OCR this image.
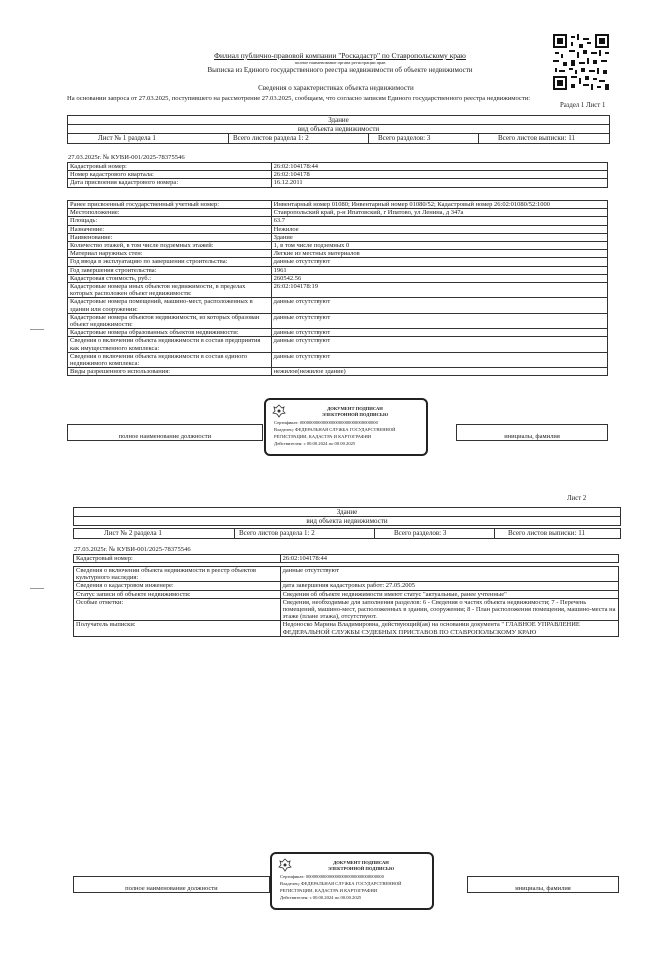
Филиал публично-правовой компании "Роскадастр" по Ставропольскому краю
полное наименование органа регистрации прав
Выписка из Единого государственного реестра недвижимости об объекте недвижимости
Сведения о характеристиках объекта недвижимости
На основании запроса от 27.03.2025, поступившего на рассмотрение 27.03.2025, сообщаем, что согласно записям Единого государственного реестра недвижимости:
Раздел 1 Лист 1
Здание
вид объекта недвижимости
Лист № 1 раздела 1	Всего листов раздела 1: 2	Всего разделов: 3	Всего листов выписки: 11
27.03.2025г. № КУВИ-001/2025-78375546
Кадастровый номер:	26:02:104178:44
Номер кадастрового квартала:	26:02:104178
Дата присвоения кадастрового номера:	16.12.2011
Ранее присвоенный государственный учетный номер:	Инвентарный номер 01080; Инвентарный номер 01080/52; Кадастровый номер 26:02:01080/52:1000
Местоположение:	Ставропольский край, р-н Ипатовский, г Ипатово, ул Ленина, д 347а
Площадь:	63.7
Назначение:	Нежилое
Наименование:	Здание
Количество этажей, в том числе подземных этажей:	1, в том числе подземных 0
Материал наружных стен:	Легкие из местных материалов
Год ввода в эксплуатацию по завершении строительства:	данные отсутствуют
Год завершения строительства:	1961
Кадастровая стоимость, руб.:	260542.56
Кадастровые номера иных объектов недвижимости, в пределах которых расположен объект недвижимости:	26:02:104178:19
Кадастровые номера помещений, машино-мест, расположенных в здании или сооружении:	данные отсутствуют
Кадастровые номера объектов недвижимости, из которых образован объект недвижимости:	данные отсутствуют
Кадастровые номера образованных объектов недвижимости:	данные отсутствуют
Сведения о включении объекта недвижимости в состав предприятия как имущественного комплекса:	данные отсутствуют
Сведения о включении объекта недвижимости в состав единого недвижимого комплекса:	данные отсутствуют
Виды разрешенного использования:	нежилое(нежилое здание)
полное наименование должности		инициалы, фамилия
ДОКУМЕНТ ПОДПИСАН
ЭЛЕКТРОННОЙ ПОДПИСЬЮ
Сертификат: 0000000000000000000000000000000000
Владелец: ФЕДЕРАЛЬНАЯ СЛУЖБА ГОСУДАРСТВЕННОЙ
РЕГИСТРАЦИИ, КАДАСТРА И КАРТОГРАФИИ
Действителен: с 00.00.2024 по 00.00.2025
Лист 2
Здание
вид объекта недвижимости
Лист № 2 раздела 1	Всего листов раздела 1: 2	Всего разделов: 3	Всего листов выписки: 11
27.03.2025г. № КУВИ-001/2025-78375546
Кадастровый номер:	26:02:104178:44
Сведения о включении объекта недвижимости в реестр объектов культурного наследия:	данные отсутствуют
Сведения о кадастровом инженере:	дата завершения кадастровых работ: 27.05.2005
Статус записи об объекте недвижимости:	Сведения об объекте недвижимости имеют статус "актуальные, ранее учтенные"
Особые отметки:	Сведения, необходимые для заполнения разделов: 6 - Сведения о частях объекта недвижимости; 7 - Перечень помещений, машино-мест, расположенных в здании, сооружении; 8 - План расположения помещения, машино-места на этаже (плане этажа), отсутствуют.
Получатель выписки:	Недоноско Марина Владимировна, действующий(ая) на основании документа " ГЛАВНОЕ УПРАВЛЕНИЕ ФЕДЕРАЛЬНОЙ СЛУЖБЫ СУДЕБНЫХ ПРИСТАВОВ ПО СТАВРОПОЛЬСКОМУ КРАЮ
полное наименование должности		инициалы, фамилия
ДОКУМЕНТ ПОДПИСАН
ЭЛЕКТРОННОЙ ПОДПИСЬЮ
Сертификат: 0000000000000000000000000000000000
Владелец: ФЕДЕРАЛЬНАЯ СЛУЖБА ГОСУДАРСТВЕННОЙ
РЕГИСТРАЦИИ, КАДАСТРА И КАРТОГРАФИИ
Действителен: с 00.00.2024 по 00.00.2025
